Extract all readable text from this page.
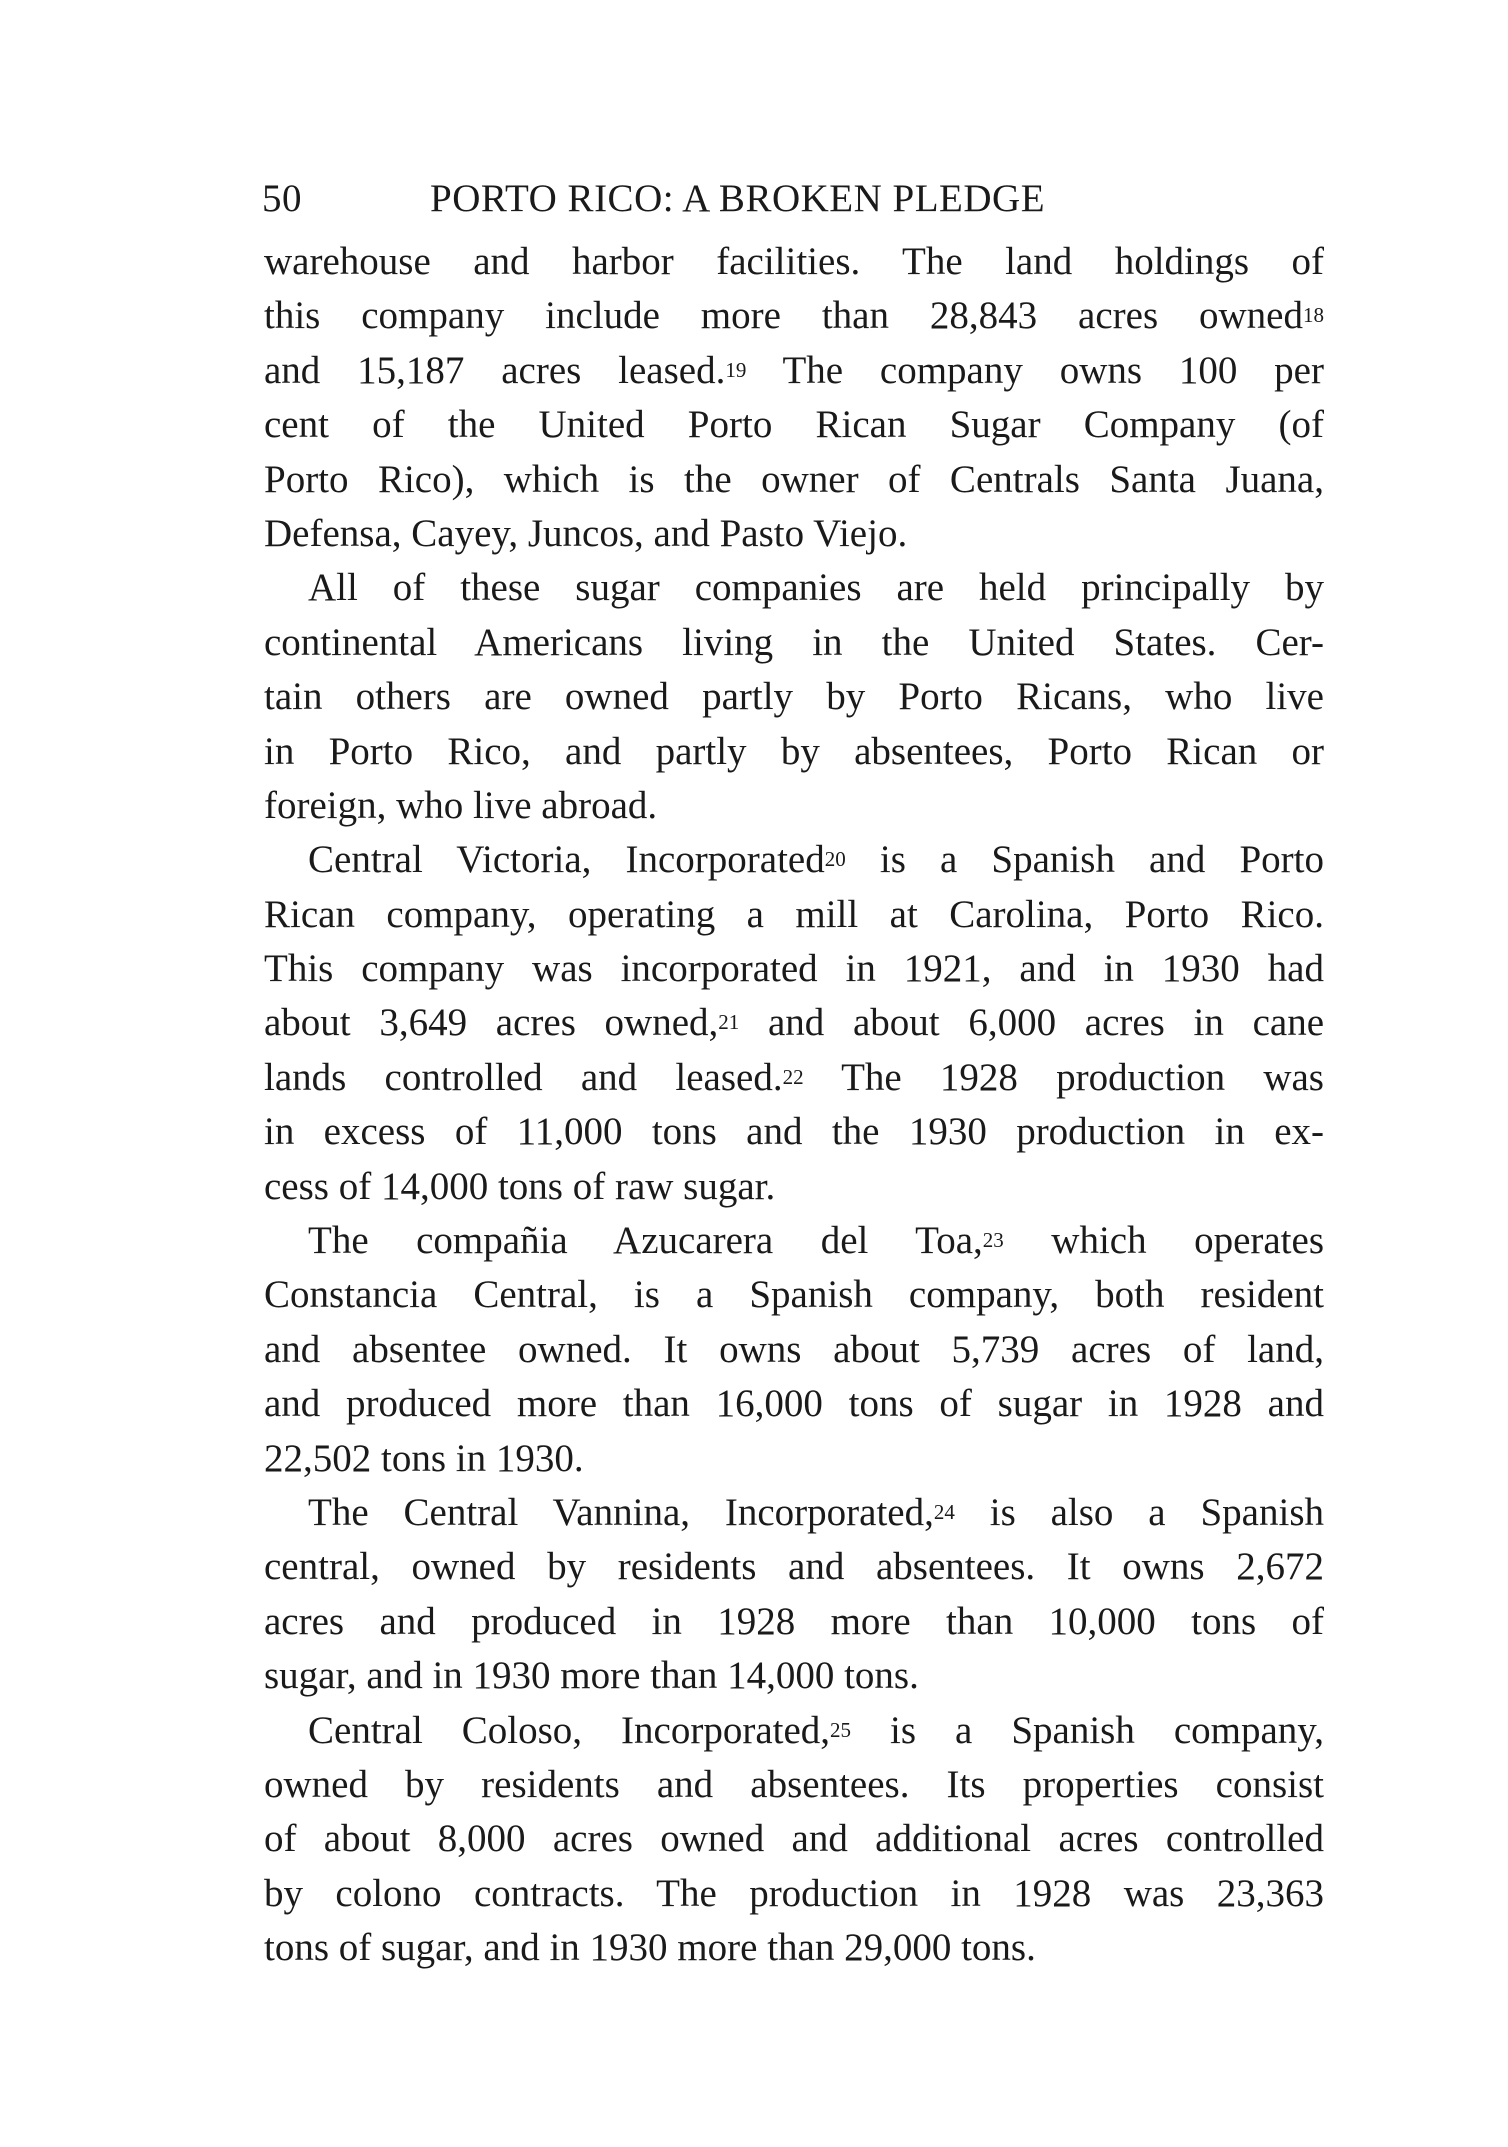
50	PORTO RICO: A BROKEN PLEDGE
warehouse and harbor facilities. The land holdings of
this company include more than 28,843 acres owned$^{18}$
and 15,187 acres leased.$^{19}$ The company owns 100 per
cent of the United Porto Rican Sugar Company (of
Porto Rico), which is the owner of Centrals Santa Juana,
Defensa, Cayey, Juncos, and Pasto Viejo.
All of these sugar companies are held principally by
continental Americans living in the United States. Cer-
tain others are owned partly by Porto Ricans, who live
in Porto Rico, and partly by absentees, Porto Rican or
foreign, who live abroad.
Central Victoria, Incorporated$^{20}$ is a Spanish and Porto
Rican company, operating a mill at Carolina, Porto Rico.
This company was incorporated in 1921, and in 1930 had
about 3,649 acres owned,$^{21}$ and about 6,000 acres in cane
lands controlled and leased.$^{22}$ The 1928 production was
in excess of 11,000 tons and the 1930 production in ex-
cess of 14,000 tons of raw sugar.
The compañia Azucarera del Toa,$^{23}$ which operates
Constancia Central, is a Spanish company, both resident
and absentee owned. It owns about 5,739 acres of land,
and produced more than 16,000 tons of sugar in 1928 and
22,502 tons in 1930.
The Central Vannina, Incorporated,$^{24}$ is also a Spanish
central, owned by residents and absentees. It owns 2,672
acres and produced in 1928 more than 10,000 tons of
sugar, and in 1930 more than 14,000 tons.
Central Coloso, Incorporated,$^{25}$ is a Spanish company,
owned by residents and absentees. Its properties consist
of about 8,000 acres owned and additional acres controlled
by colono contracts. The production in 1928 was 23,363
tons of sugar, and in 1930 more than 29,000 tons.
